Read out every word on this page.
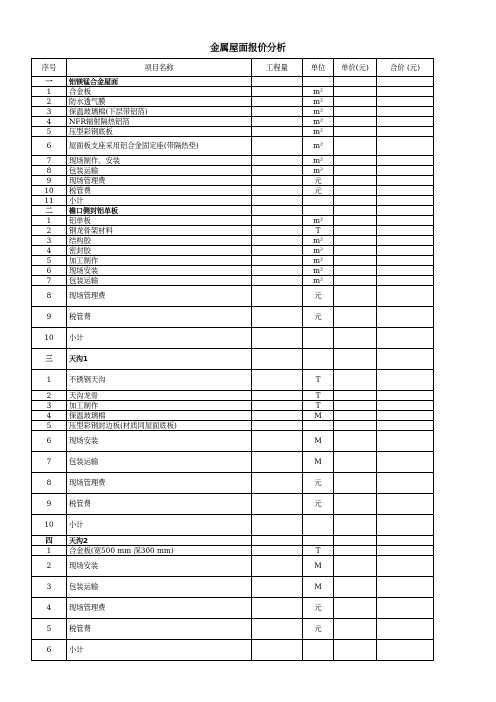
金属屋面报价分析
序号	项目名称	工程量	单位	单价(元)	合价 (元)
一	铝镁锰合金屋面				
1	合金板		m²		
2	防水透气膜		m²		
3	保温玻璃棉(下层带铝箔)		m²		
4	NFR辐射隔热铝箔		m²		
5	压型彩钢底板		m²		
6	屋面板支座采用铝合金固定座(带隔热垫)		m²		
7	现场制作、安装		m²		
8	包装运输		m²		
9	现场管理费		元		
10	税管费		元		
11	小计				
二	檐口侧封铝单板				
1	铝单板		m²		
2	钢龙骨架材料		T		
3	结构胶		m²		
4	密封胶		m²		
5	加工制作		m²		
6	现场安装		m²		
7	包装运输		m²		
8	现场管理费		元		
9	税管费		元		
10	小计				
三	天沟1				
1	不锈钢天沟		T		
2	天沟龙骨		T		
3	加工制作		T		
4	保温玻璃棉		M		
5	压型彩钢封边板(材质同屋面底板)				
6	现场安装		M		
7	包装运输		M		
8	现场管理费		元		
9	税管费		元		
10	小计				
四	天沟2				
1	合金板(宽500 mm 深300 mm)		T		
2	现场安装		M		
3	包装运输		M		
4	现场管理费		元		
5	税管费		元		
6	小计				
